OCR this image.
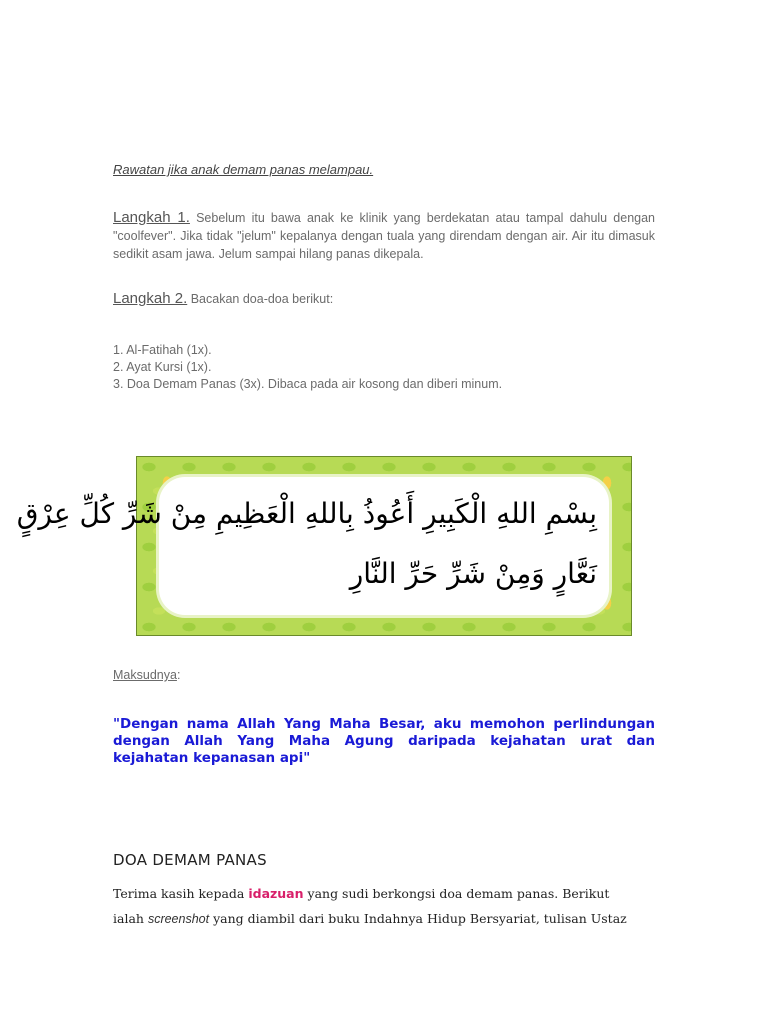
Rawatan jika anak demam panas melampau.

Langkah 1. Sebelum itu bawa anak ke klinik yang berdekatan atau tampal dahulu dengan "coolfever". Jika tidak "jelum" kepalanya dengan tuala yang direndam dengan air. Air itu dimasuk sedikit asam jawa. Jelum sampai hilang panas dikepala.

Langkah 2. Bacakan doa-doa berikut:

1. Al-Fatihah (1x).
2. Ayat Kursi (1x).
3. Doa Demam Panas (3x). Dibaca pada air kosong dan diberi minum.

بِسْمِ اللهِ الْكَبِيرِ أَعُوذُ بِاللهِ الْعَظِيمِ مِنْ شَرِّ كُلِّ عِرْقٍ

نَعَّارٍ وَمِنْ شَرِّ حَرِّ النَّارِ

Maksudnya:

"Dengan nama Allah Yang Maha Besar, aku memohon perlindungan dengan Allah Yang Maha Agung daripada kejahatan urat dan kejahatan kepanasan api"

DOA DEMAM PANAS

Terima kasih kepada idazuan yang sudi berkongsi doa demam panas. Berikut

ialah screenshot yang diambil dari buku Indahnya Hidup Bersyariat, tulisan Ustaz
